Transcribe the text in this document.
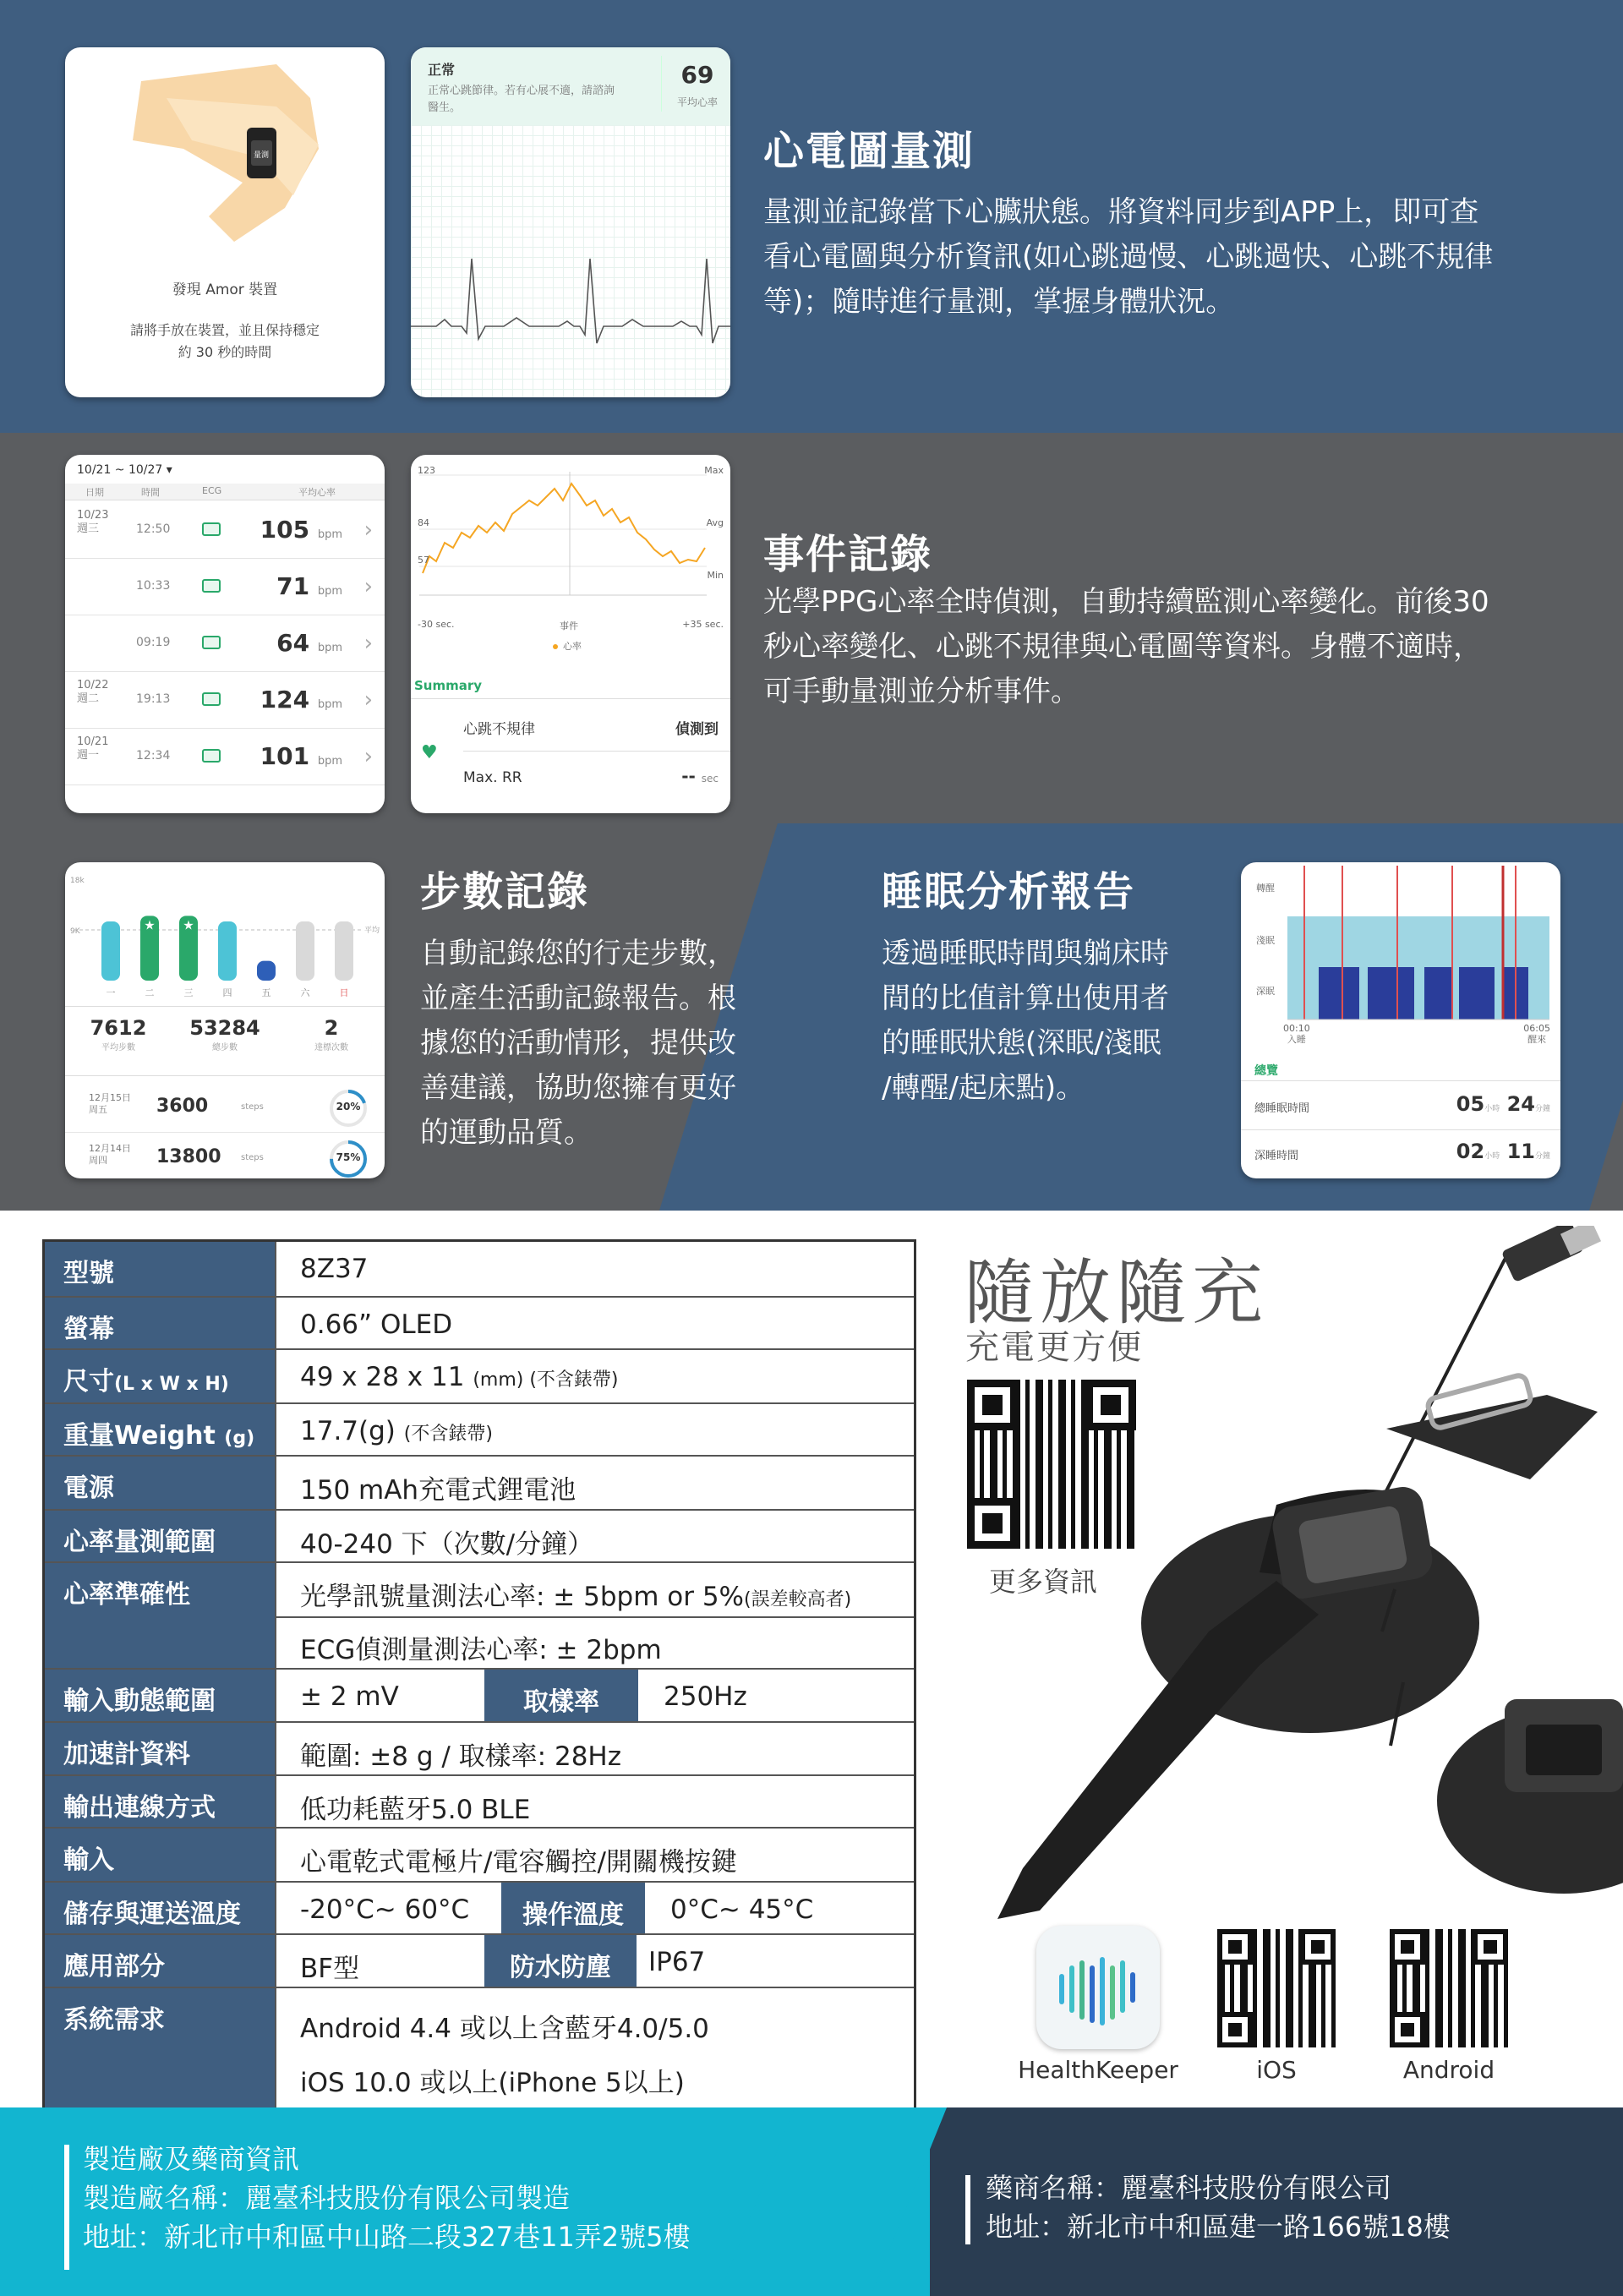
量測
發現 Amor 裝置
請將手放在裝置，並且保持穩定
約 30 秒的時間
正常
正常心跳節律。若有心展不適，請諮詢
醫生。
69
平均心率
心電圖量測
量測並記錄當下心臟狀態。將資料同步到APP上，即可查
看心電圖與分析資訊(如心跳過慢、心跳過快、心跳不規律
等)；隨時進行量測，掌握身體狀況。
10/21 ~ 10/27 ▾
日期	時間	ECG	平均心率
10/23
週三	12:50	105 bpm ›
10:33	71 bpm ›
09:19	64 bpm ›
10/22
週二	19:13	124 bpm ›
10/21
週一	12:34	101 bpm ›
123
84
57
Max
Avg
Min
-30 sec.	事件	+35 sec.
心率
Summary
♥
心跳不規律	偵測到
Max. RR	-- sec
事件記錄
光學PPG心率全時偵測，自動持續監測心率變化。前後30
秒心率變化、心跳不規律與心電圖等資料。身體不適時，
可手動量測並分析事件。
18k
9K	平均
一
★
二
★
三	四	五	六	日
7612
平均步數
53284
總步數
2
達標次數
12月15日
周五	3600	steps	20%
12月14日
周四	13800 steps	75%
步數記錄
自動記錄您的行走步數，
並產生活動記錄報告。根
據您的活動情形，提供改
善建議，協助您擁有更好
的運動品質。
睡眠分析報告
透過睡眠時間與躺床時
間的比值計算出使用者
的睡眠狀態(深眠/淺眠
/轉醒/起床點)。
轉醒
淺眠
深眠
00:10
入睡
06:05
醒來
總覽
總睡眠時間	05小時 24分鐘
深睡時間	02小時 11分鐘
型號	8Z37
螢幕	0.66” OLED
尺寸(L x W x H)	49 x 28 x 11 (mm) (不含錶帶)
重量Weight (g)	17.7(g) (不含錶帶)
電源	150 mAh充電式鋰電池
心率量測範圍	40-240 下（次數/分鐘）
心率準確性	光學訊號量測法心率: ± 5bpm or 5%(誤差較高者)
ECG偵測量測法心率: ± 2bpm
輸入動態範圍	± 2 mV	取樣率	250Hz
加速計資料	範圍: ±8 g / 取樣率: 28Hz
輸出連線方式	低功耗藍牙5.0 BLE
輸入	心電乾式電極片/電容觸控/開關機按鍵
儲存與運送溫度	-20°C~ 60°C	操作溫度	0°C~ 45°C
應用部分	BF型	防水防塵	IP67
系統需求	Android 4.4 或以上含藍牙4.0/5.0
iOS 10.0 或以上(iPhone 5以上)
隨放隨充
充電更方便
更多資訊
HealthKeeper	iOS	Android
製造廠及藥商資訊
製造廠名稱：麗臺科技股份有限公司製造
地址：新北市中和區中山路二段327巷11弄2號5樓
藥商名稱：麗臺科技股份有限公司
地址：新北市中和區建一路166號18樓
